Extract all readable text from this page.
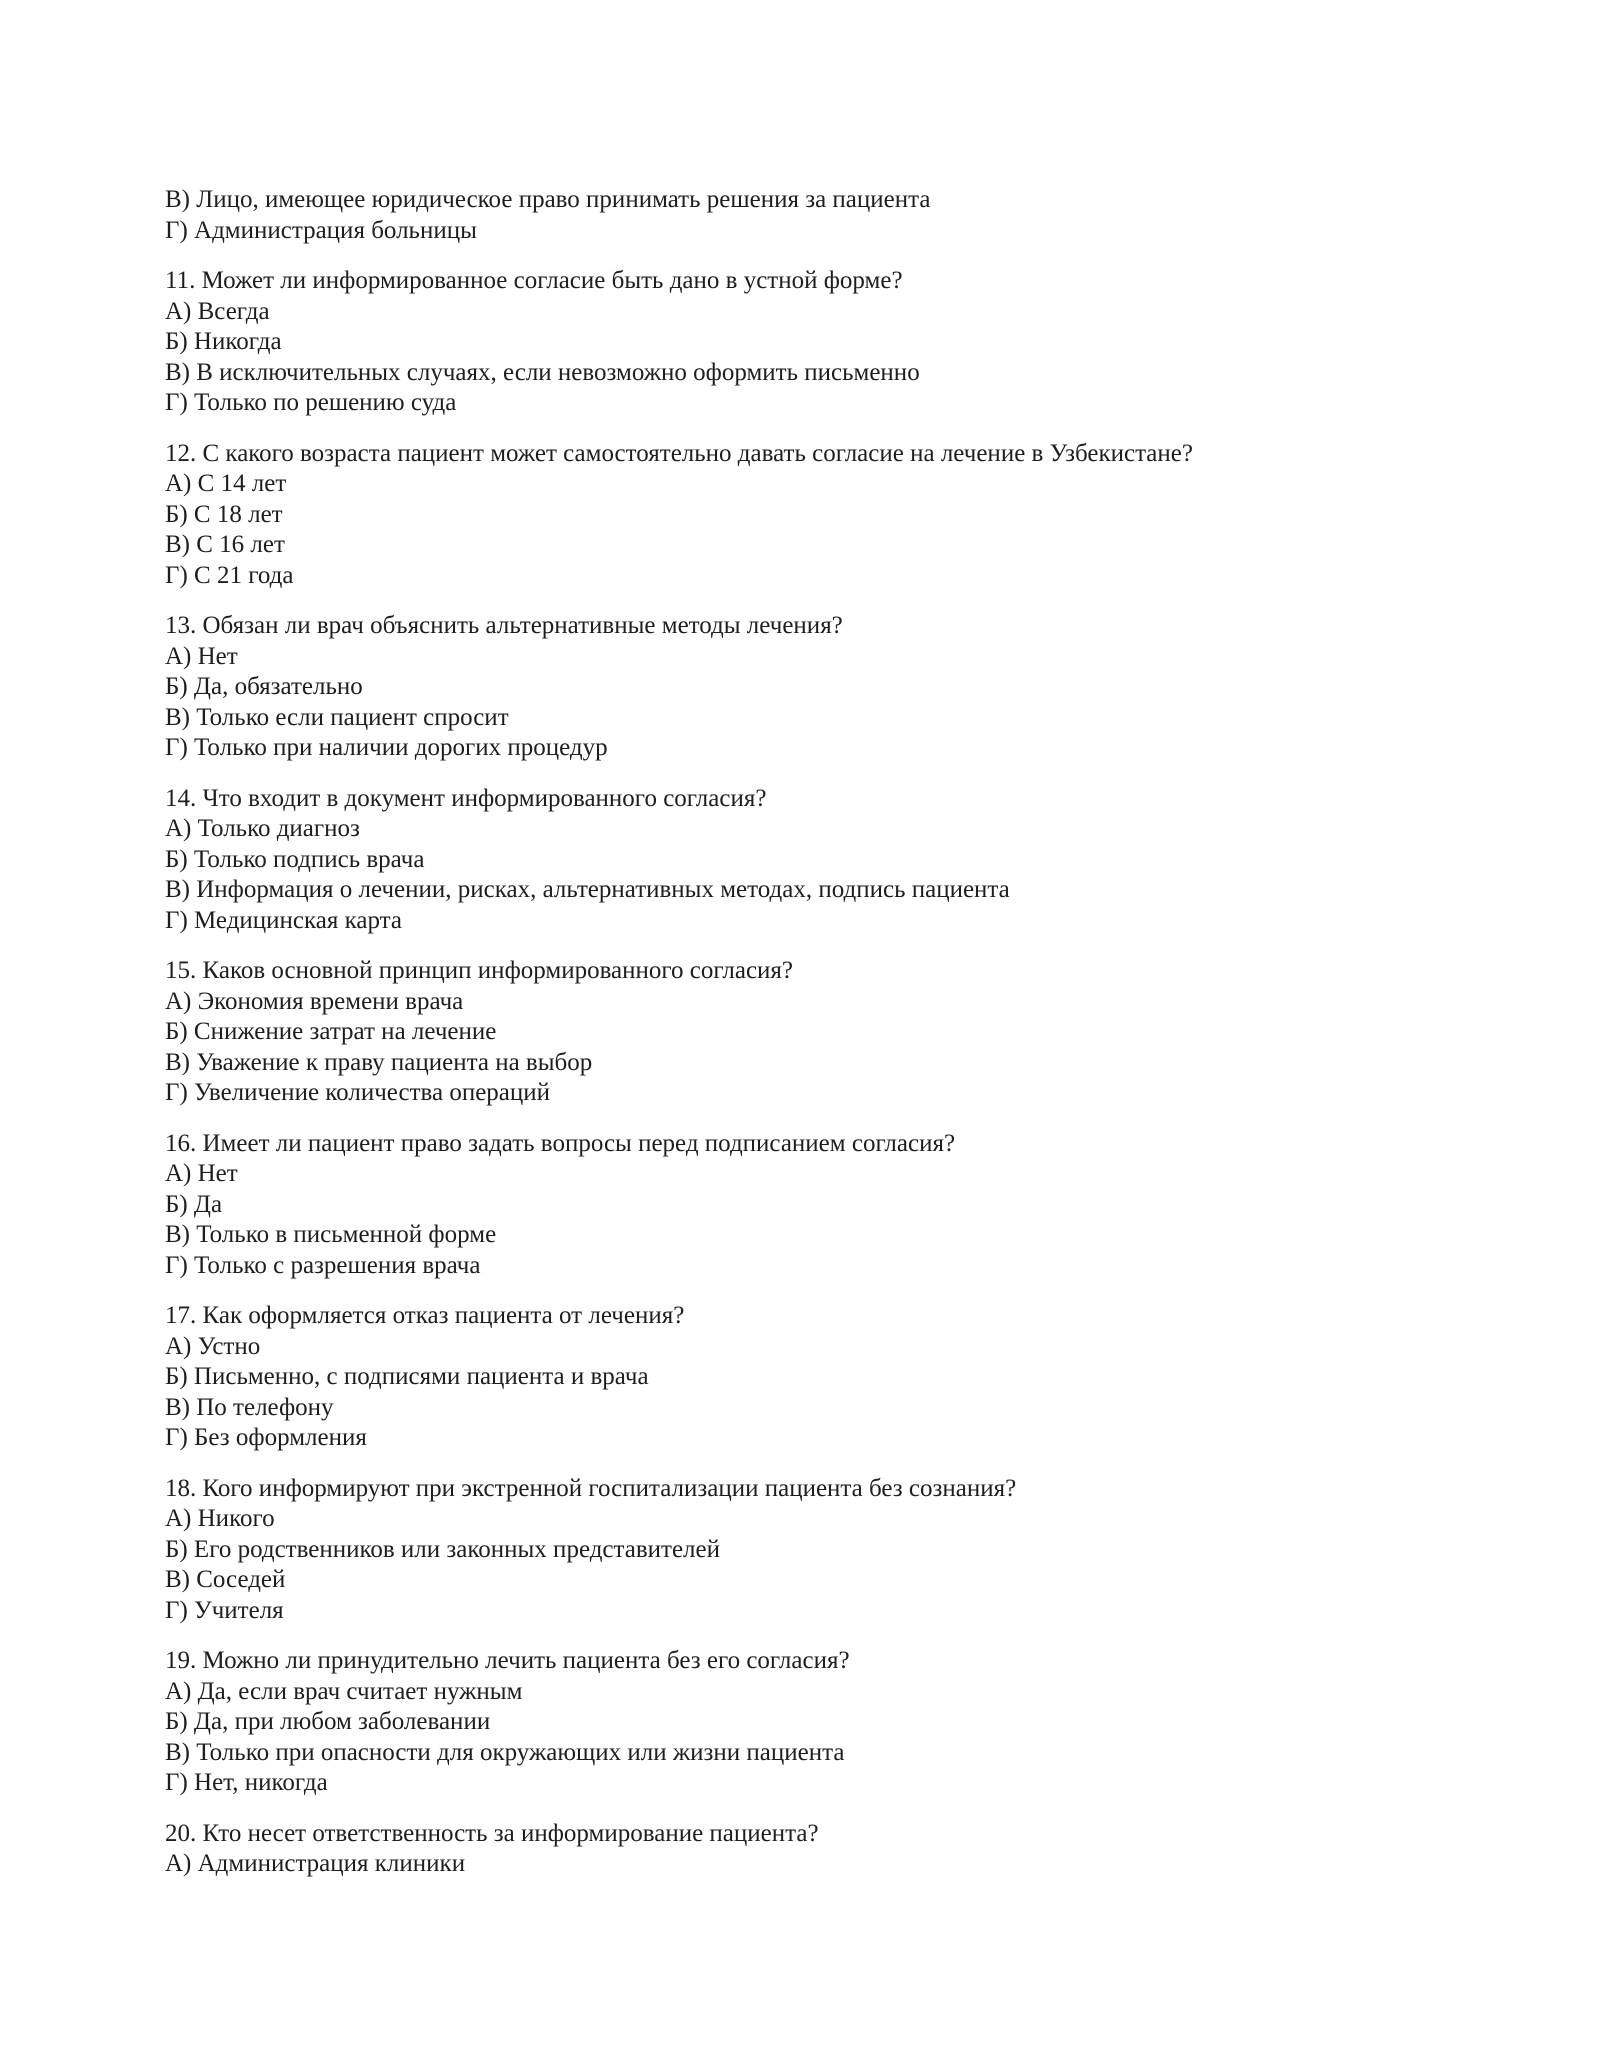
В) Лицо, имеющее юридическое право принимать решения за пациента

Г) Администрация больницы

11. Может ли информированное согласие быть дано в устной форме?

А) Всегда

Б) Никогда

В) В исключительных случаях, если невозможно оформить письменно

Г) Только по решению суда

12. С какого возраста пациент может самостоятельно давать согласие на лечение в Узбекистане?

А) С 14 лет

Б) С 18 лет

В) С 16 лет

Г) С 21 года

13. Обязан ли врач объяснить альтернативные методы лечения?

А) Нет

Б) Да, обязательно

В) Только если пациент спросит

Г) Только при наличии дорогих процедур

14. Что входит в документ информированного согласия?

А) Только диагноз

Б) Только подпись врача

В) Информация о лечении, рисках, альтернативных методах, подпись пациента

Г) Медицинская карта

15. Каков основной принцип информированного согласия?

А) Экономия времени врача

Б) Снижение затрат на лечение

В) Уважение к праву пациента на выбор

Г) Увеличение количества операций

16. Имеет ли пациент право задать вопросы перед подписанием согласия?

А) Нет

Б) Да

В) Только в письменной форме

Г) Только с разрешения врача

17. Как оформляется отказ пациента от лечения?

А) Устно

Б) Письменно, с подписями пациента и врача

В) По телефону

Г) Без оформления

18. Кого информируют при экстренной госпитализации пациента без сознания?

А) Никого

Б) Его родственников или законных представителей

В) Соседей

Г) Учителя

19. Можно ли принудительно лечить пациента без его согласия?

А) Да, если врач считает нужным

Б) Да, при любом заболевании

В) Только при опасности для окружающих или жизни пациента

Г) Нет, никогда

20. Кто несет ответственность за информирование пациента?

А) Администрация клиники
